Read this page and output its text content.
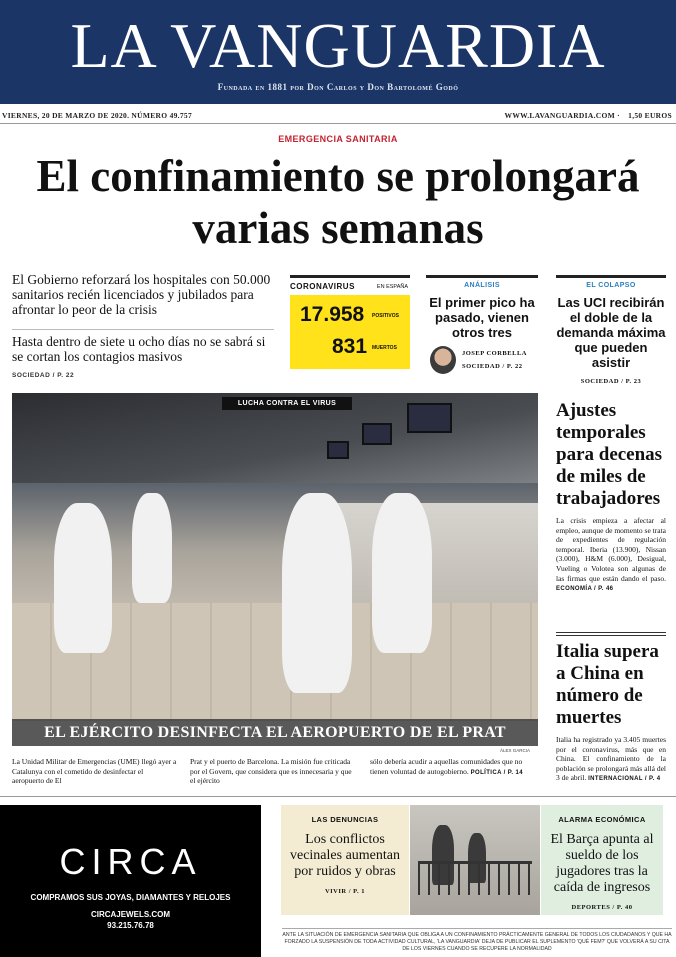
LA VANGUARDIA
Fundada en 1881 por Don Carlos y Don Bartolomé Godó
VIERNES, 20 DE MARZO DE 2020. NÚMERO 49.757	WWW.LAVANGUARDIA.COM · 1,50 EUROS
EMERGENCIA SANITARIA
El confinamiento se prolongará varias semanas
El Gobierno reforzará los hospitales con 50.000 sanitarios recién licenciados y jubilados para afrontar lo peor de la crisis
Hasta dentro de siete u ocho días no se sabrá si se cortan los contagios masivos
SOCIEDAD / P. 22
CORONAVIRUS	EN ESPAÑA
17.958 POSITIVOS
831 MUERTOS
ANÁLISIS
El primer pico ha pasado, vienen otros tres
JOSEP CORBELLA
SOCIEDAD / P. 22
EL COLAPSO
Las UCI recibirán el doble de la demanda máxima que pueden asistir
SOCIEDAD / P. 23
LUCHA CONTRA EL VIRUS
EL EJÉRCITO DESINFECTA EL AEROPUERTO DE EL PRAT
ÀLEX GARCIA
La Unidad Militar de Emergencias (UME) llegó ayer a Catalunya con el cometido de desinfectar el aeropuerto de El
Prat y el puerto de Barcelona. La misión fue criticada por el Govern, que considera que es innecesaria y que el ejército
sólo debería acudir a aquellas comunidades que no tienen voluntad de autogobierno. POLÍTICA / P. 14
Ajustes temporales para decenas de miles de trabajadores
La crisis empieza a afectar al empleo, aunque de momento se trata de expedientes de regulación temporal. Iberia (13.900), Nissan (3.000), H&M (6.000), Desigual, Vueling o Volotea son algunas de las firmas que están dando el paso. ECONOMÍA / P. 46
Italia supera a China en número de muertes
Italia ha registrado ya 3.405 muertes por el coronavirus, más que en China. El confinamiento de la población se prolongará más allá del 3 de abril. INTERNACIONAL / P. 4
CIRCA
COMPRAMOS SUS JOYAS, DIAMANTES Y RELOJES
CIRCAJEWELS.COM
93.215.76.78
LAS DENUNCIAS
Los conflictos vecinales aumentan por ruidos y obras
VIVIR / P. 1
ALARMA ECONÓMICA
El Barça apunta al sueldo de los jugadores tras la caída de ingresos
DEPORTES / P. 40
ANTE LA SITUACIÓN DE EMERGENCIA SANITARIA QUE OBLIGA A UN CONFINAMIENTO PRÁCTICAMENTE GENERAL DE TODOS LOS CIUDADANOS Y QUE HA FORZADO LA SUSPENSIÓN DE TODA ACTIVIDAD CULTURAL, 'LA VANGUARDIA' DEJA DE PUBLICAR EL SUPLEMENTO 'QUÈ FEM?' QUE VOLVERÁ A SU CITA DE LOS VIERNES CUANDO SE RECUPERE LA NORMALIDAD
